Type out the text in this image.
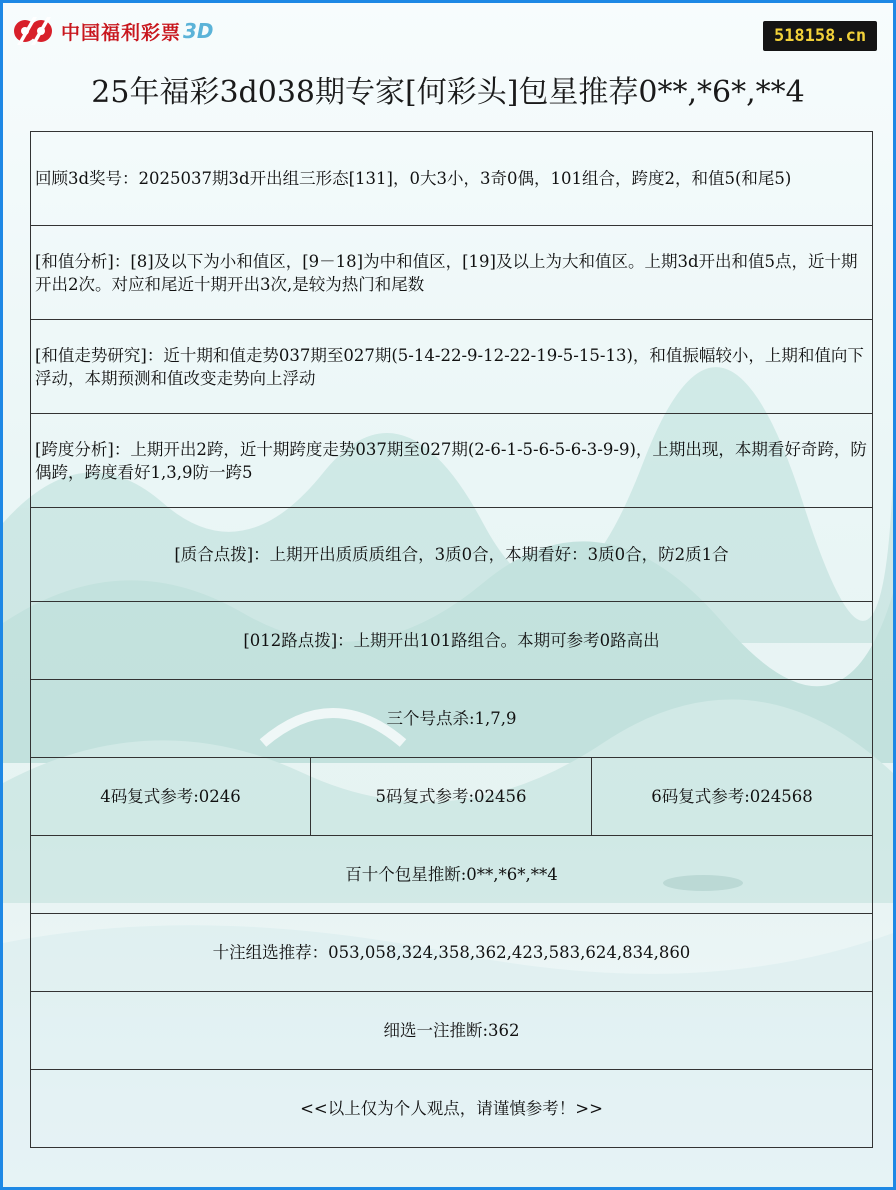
中国福利彩票 3D	518158.cn
25年福彩3d038期专家[何彩头]包星推荐0**,*6*,**4
回顾3d奖号：2025037期3d开出组三形态[131]，0大3小，3奇0偶，101组合，跨度2，和值5(和尾5)
[和值分析]：[8]及以下为小和值区，[9－18]为中和值区，[19]及以上为大和值区。上期3d开出和值5点，近十期开出2次。对应和尾近十期开出3次,是较为热门和尾数
[和值走势研究]：近十期和值走势037期至027期(5-14-22-9-12-22-19-5-15-13)，和值振幅较小，上期和值向下浮动，本期预测和值改变走势向上浮动
[跨度分析]：上期开出2跨，近十期跨度走势037期至027期(2-6-1-5-6-5-6-3-9-9)，上期出现，本期看好奇跨，防偶跨，跨度看好1,3,9防一跨5
[质合点拨]：上期开出质质质组合，3质0合，本期看好：3质0合，防2质1合
[012路点拨]：上期开出101路组合。本期可参考0路高出
三个号点杀:1,7,9
4码复式参考:0246	5码复式参考:02456	6码复式参考:024568
百十个包星推断:0**,*6*,**4
十注组选推荐：053,058,324,358,362,423,583,624,834,860
细选一注推断:362
<<以上仅为个人观点，请谨慎参考！>>
